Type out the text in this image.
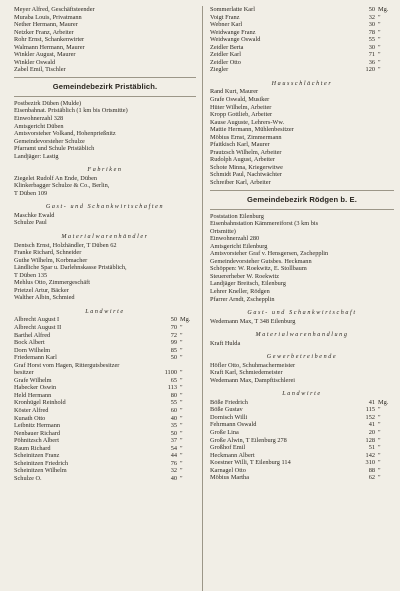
Meyer Alfred, Geschäftsteender
Muraba Louis, Privatmann
Nether Hermann, Maurer
Netzker Franz, Arbeiter
Rohr Ernst, Schankenwirter
Walmann Hermann, Maurer
Winkler August, Maurer
Winkler Oswald
Zabel Emil, Tischler
Gemeindebezirk Pristäblich.
Postbezirk Düben (Mulde)
Eisenbahnat. Pristäblich (1 km bis Ortsmitte)
Einwohnerzahl 328
Amtsgericht Düben
Amtsvorsteher Volkand, Hohenprießnitz
Gemeindevorsteher Schulze
Pfarramt und Schule Pristäblich
Landjäger: Lastig
Fabriken
Ziegelei Rudolf An Ende, Düben
Klinkerbagger Schulze & Co., Berlin,
T Düben 109
Gast- und Schankwirtschaften
Maschke Ewald
Schulze Paul
Materialwarenhändler
Dentsch Ernst, Holzhändler, T Düben 62
Franke Richard, Schneider
Guthe Wilhelm, Korbmacher
Ländliche Spar u. Darlehnskasse Pristäblich,
T Düben 135
Mehlus Otto, Zimmergeschäft
Prietzel Artur, Bäcker
Walther Albin, Schmied
Landwirte
Albrecht August I	50 Mg.
Albrecht August II	70 "
Barthel Alfred	72 "
Bock Albert	99 "
Dorn Wilhelm	85 "
Friedemann Karl	50 "
Graf Horst vom Hagen, Rittergutsbesitzer
besitzer	1100 "
Grafe Wilhelm	65 "
Habecker Oswin	113 "
Held Hermann	80 "
Kronhügel Reinhold	55 "
Köster Alfred	60 "
Kunath Otto	40 "
Leibnitz Hermann	35 "
Nenbauer Richard	50 "
Pöhnitzsch Albert	37 "
Raum Richard	54 "
Scheinitzen Franz	44 "
Scheinitzen Friedrich	76 "
Scheinitzen Wilhelm	32 "
Schulze O.	40 "
Sommerlatte Karl	50 Mg.
Voigt Franz	32 "
Webner Karl	30 "
Weidwange Franz	78 "
Weidwange Oswald	55 "
Zeidler Berta	30 "
Zeidler Karl	71 "
Zeidler Otto	36 "
Ziegler	120 "
Hausschlächter
Rand Kurt, Maurer
Grafe Oswald, Musiker
Hüter Wilhelm, Arbeiter
Kropp Gottlieb, Arbeiter
Kause Auguste, Lehrers-Ww.
Mattie Hermann, Mühlenbesitzer
Möbius Ernst, Zimmermann
Pfaitkisch Karl, Maurer
Prautzsch Wilhelm, Arbeiter
Rudolph August, Arbeiter
Schote Minna, Kriegerwitwe
Schmidt Paul, Nachtwächter
Schreiber Karl, Arbeiter
Gemeindebezirk Rödgen b. E.
Poststation Eilenburg
Eisenbahnstation Kämmereiforst (3 km bis
Ortsmitte)
Einwohnerzahl 280
Amtsgericht Eilenburg
Amtsvorsteher Graf v. Hensgersen, Zschepplin
Gemeindevorsteher Gutsbes. Heckmann
Schöppen: W. Roekwitz, E. Stollbaum
Steuererheber W. Roekwitz
Landjäger Breitsch, Eilenburg
Lehrer Kneller, Rödgen
Pfarrer Arndt, Zschepplin
Gast- und Schankwirtschaft
Wedemann Max, T 348 Eilenburg
Materialwarenhandlung
Kraft Hulda
Gewerbetreibende
Höfler Otto, Schuhmachermeister
Kraft Karl, Schmiedemeister
Wedemann Max, Dampftischlerei
Landwirte
Böße Friedrich	41 Mg.
Böße Gustav	115 "
Dornisch Willi	152 "
Fehrmann Oswald	41 "
Große Lina	20 "
Große Alwin, T Eilenburg 278	128 "
Großhof Emil	51 "
Heckmann Albert	142 "
Koestner Willi, T Eilenburg 114	310 "
Karnagel Otto	88 "
Möbius Martha	62 "
